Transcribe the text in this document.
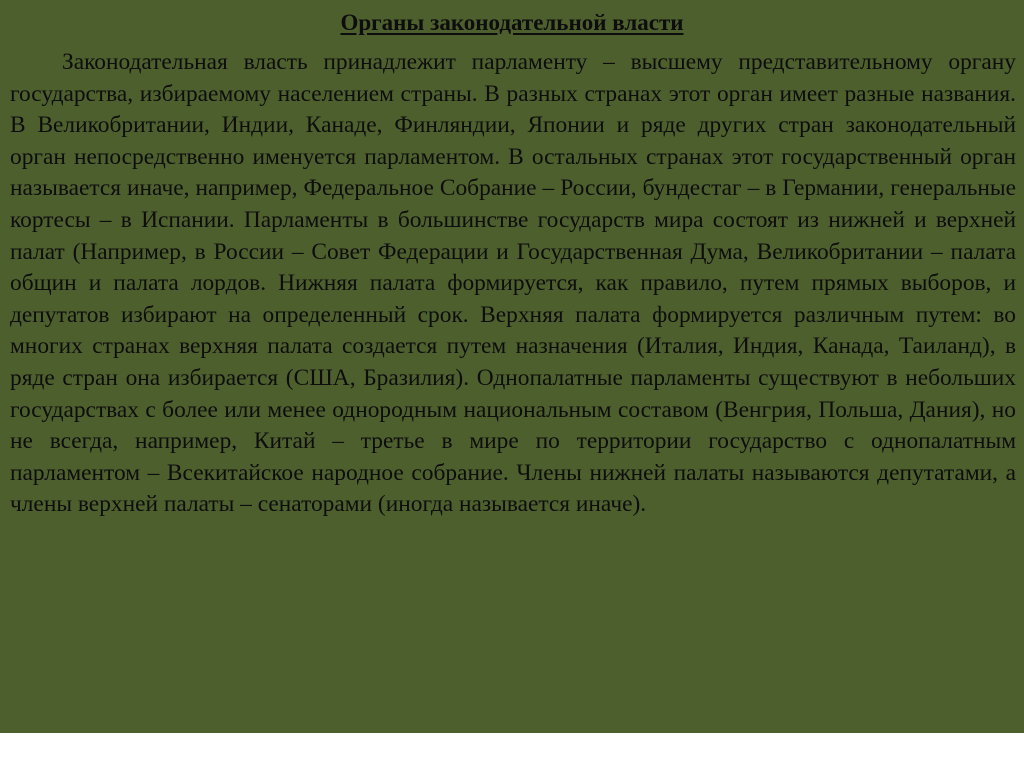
Органы законодательной власти

Законодательная власть принадлежит парламенту – высшему представительному органу государства, избираемому населением страны. В разных странах этот орган имеет разные названия. В Великобритании, Индии, Канаде, Финляндии, Японии и ряде других стран законодательный орган непосредственно именуется парламентом. В остальных странах этот государственный орган называется иначе, например, Федеральное Собрание – России, бундестаг – в Германии, генеральные кортесы – в Испании. Парламенты в большинстве государств мира состоят из нижней и верхней палат (Например, в России – Совет Федерации и Государственная Дума, Великобритании – палата общин и палата лордов. Нижняя палата формируется, как правило, путем прямых выборов, и депутатов избирают на определенный срок. Верхняя палата формируется различным путем: во многих странах верхняя палата создается путем назначения (Италия, Индия, Канада, Таиланд), в ряде стран она избирается (США, Бразилия). Однопалатные парламенты существуют в небольших государствах с более или менее однородным национальным составом (Венгрия, Польша, Дания), но не всегда, например, Китай – третье в мире по территории государство с однопалатным парламентом – Всекитайское народное собрание. Члены нижней палаты называются депутатами, а члены верхней палаты – сенаторами (иногда называется иначе).
